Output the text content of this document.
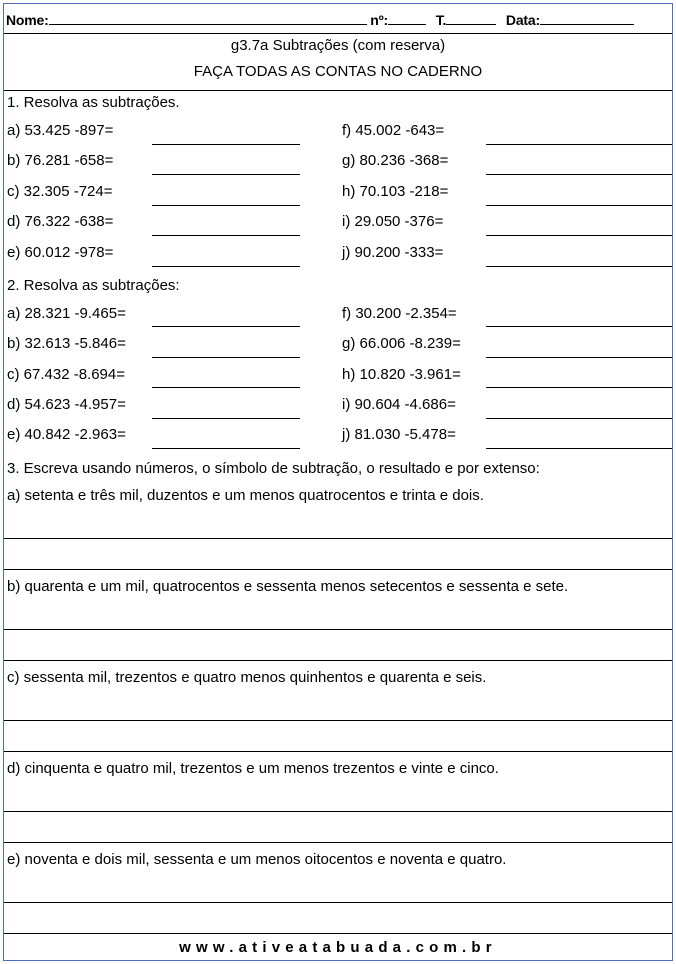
Nome:	nº:	T.	Data:
g3.7a Subtrações (com reserva)
FAÇA TODAS AS CONTAS NO CADERNO
1. Resolva as subtrações.
a) 53.425 -897=
b) 76.281 -658=
c) 32.305 -724=
d) 76.322 -638=
e) 60.012 -978=
f) 45.002 -643=
g) 80.236 -368=
h) 70.103 -218=
i) 29.050 -376=
j) 90.200 -333=
2. Resolva as subtrações:
a) 28.321 -9.465=
b) 32.613 -5.846=
c) 67.432 -8.694=
d) 54.623 -4.957=
e) 40.842 -2.963=
f) 30.200 -2.354=
g) 66.006 -8.239=
h) 10.820 -3.961=
i) 90.604 -4.686=
j) 81.030 -5.478=
3. Escreva usando números, o símbolo de subtração, o resultado e por extenso:
a) setenta e três mil, duzentos e um menos quatrocentos e trinta e dois.
b) quarenta e um mil, quatrocentos e sessenta menos setecentos e sessenta e sete.
c) sessenta mil, trezentos e quatro menos quinhentos e quarenta e seis.
d) cinquenta e quatro mil, trezentos e um menos trezentos e vinte e cinco.
e) noventa e dois mil, sessenta e um menos oitocentos e noventa e quatro.
www.ativeatabuada.com.br
